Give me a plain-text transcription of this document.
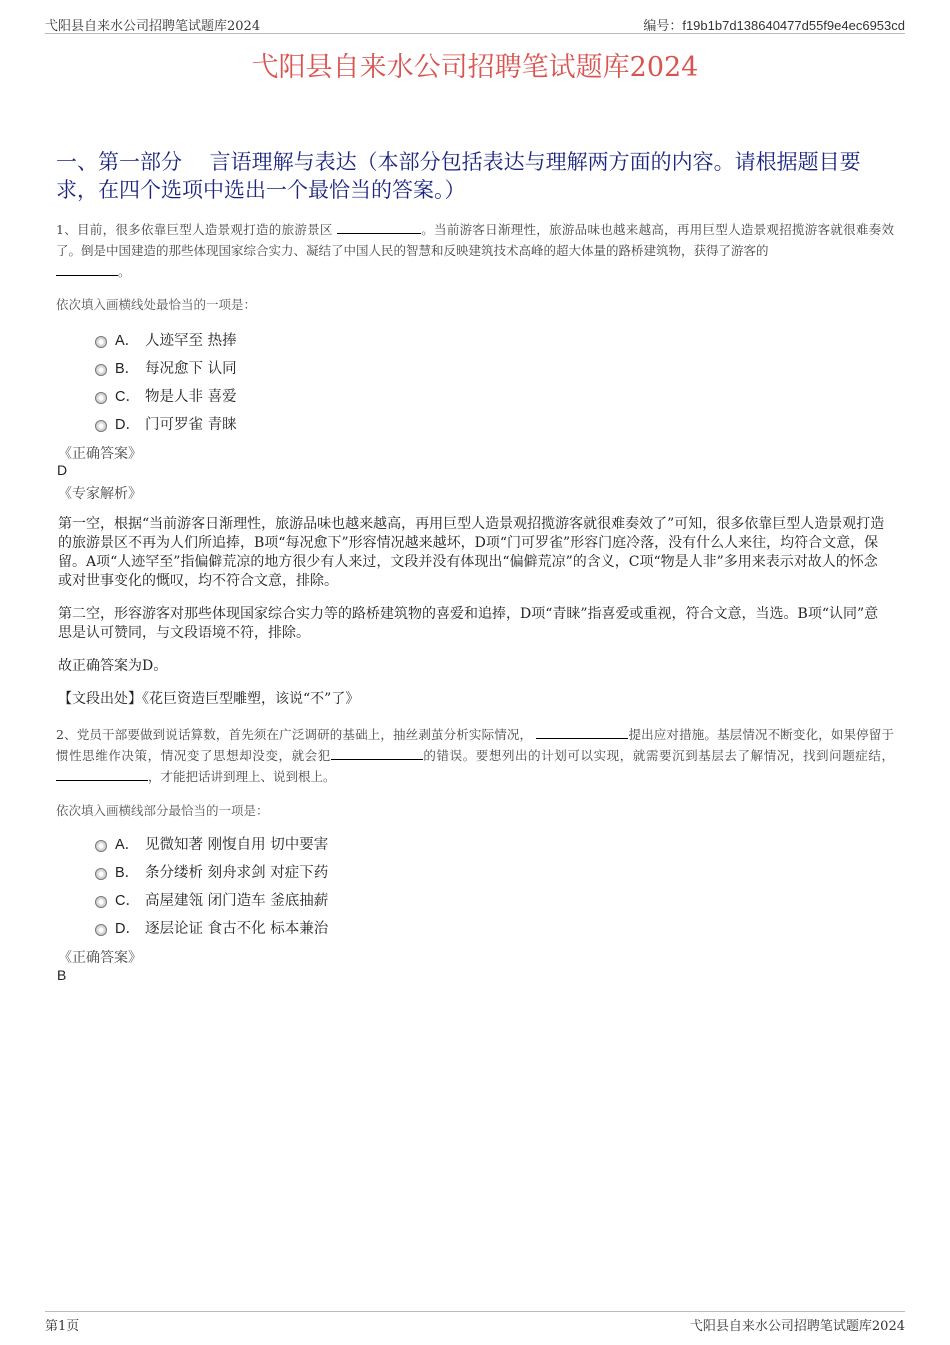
弋阳县自来水公司招聘笔试题库2024	编号：f19b1b7d138640477d55f9e4ec6953cd
弋阳县自来水公司招聘笔试题库2024
一、第一部分　 言语理解与表达（本部分包括表达与理解两方面的内容。请根据题目要求，在四个选项中选出一个最恰当的答案。）
1、目前，很多依靠巨型人造景观打造的旅游景区	。当前游客日渐理性，旅游品味也越来越高，再用巨型人造景观招揽游客就很难奏效了。倒是中国建造的那些体现国家综合实力、凝结了中国人民的智慧和反映建筑技术高峰的超大体量的路桥建筑物，获得了游客的
。
依次填入画横线处最恰当的一项是：
A． 人迹罕至 热捧
B． 每况愈下 认同
C． 物是人非 喜爱
D． 门可罗雀 青睐
《正确答案》
D
《专家解析》
第一空，根据“当前游客日渐理性，旅游品味也越来越高，再用巨型人造景观招揽游客就很难奏效了”可知，很多依靠巨型人造景观打造的旅游景区不再为人们所追捧，B项“每况愈下”形容情况越来越坏，D项“门可罗雀”形容门庭冷落，没有什么人来往，均符合文意，保留。A项“人迹罕至”指偏僻荒凉的地方很少有人来过，文段并没有体现出“偏僻荒凉”的含义，C项“物是人非”多用来表示对故人的怀念或对世事变化的慨叹，均不符合文意，排除。
第二空，形容游客对那些体现国家综合实力等的路桥建筑物的喜爱和追捧，D项“青睐”指喜爱或重视，符合文意，当选。B项“认同”意思是认可赞同，与文段语境不符，排除。
故正确答案为D。
【文段出处】《花巨资造巨型雕塑，该说“不”了》
2、党员干部要做到说话算数，首先须在广泛调研的基础上，抽丝剥茧分析实际情况，	提出应对措施。基层情况不断变化，如果停留于惯性思维作决策，情况变了思想却没变，就会犯	的错误。要想列出的计划可以实现，就需要沉到基层去了解情况，找到问题症结， ，才能把话讲到理上、说到根上。
依次填入画横线部分最恰当的一项是：
A． 见微知著 刚愎自用 切中要害
B． 条分缕析 刻舟求剑 对症下药
C． 高屋建瓴 闭门造车 釜底抽薪
D． 逐层论证 食古不化 标本兼治
《正确答案》
B
第1页	弋阳县自来水公司招聘笔试题库2024
